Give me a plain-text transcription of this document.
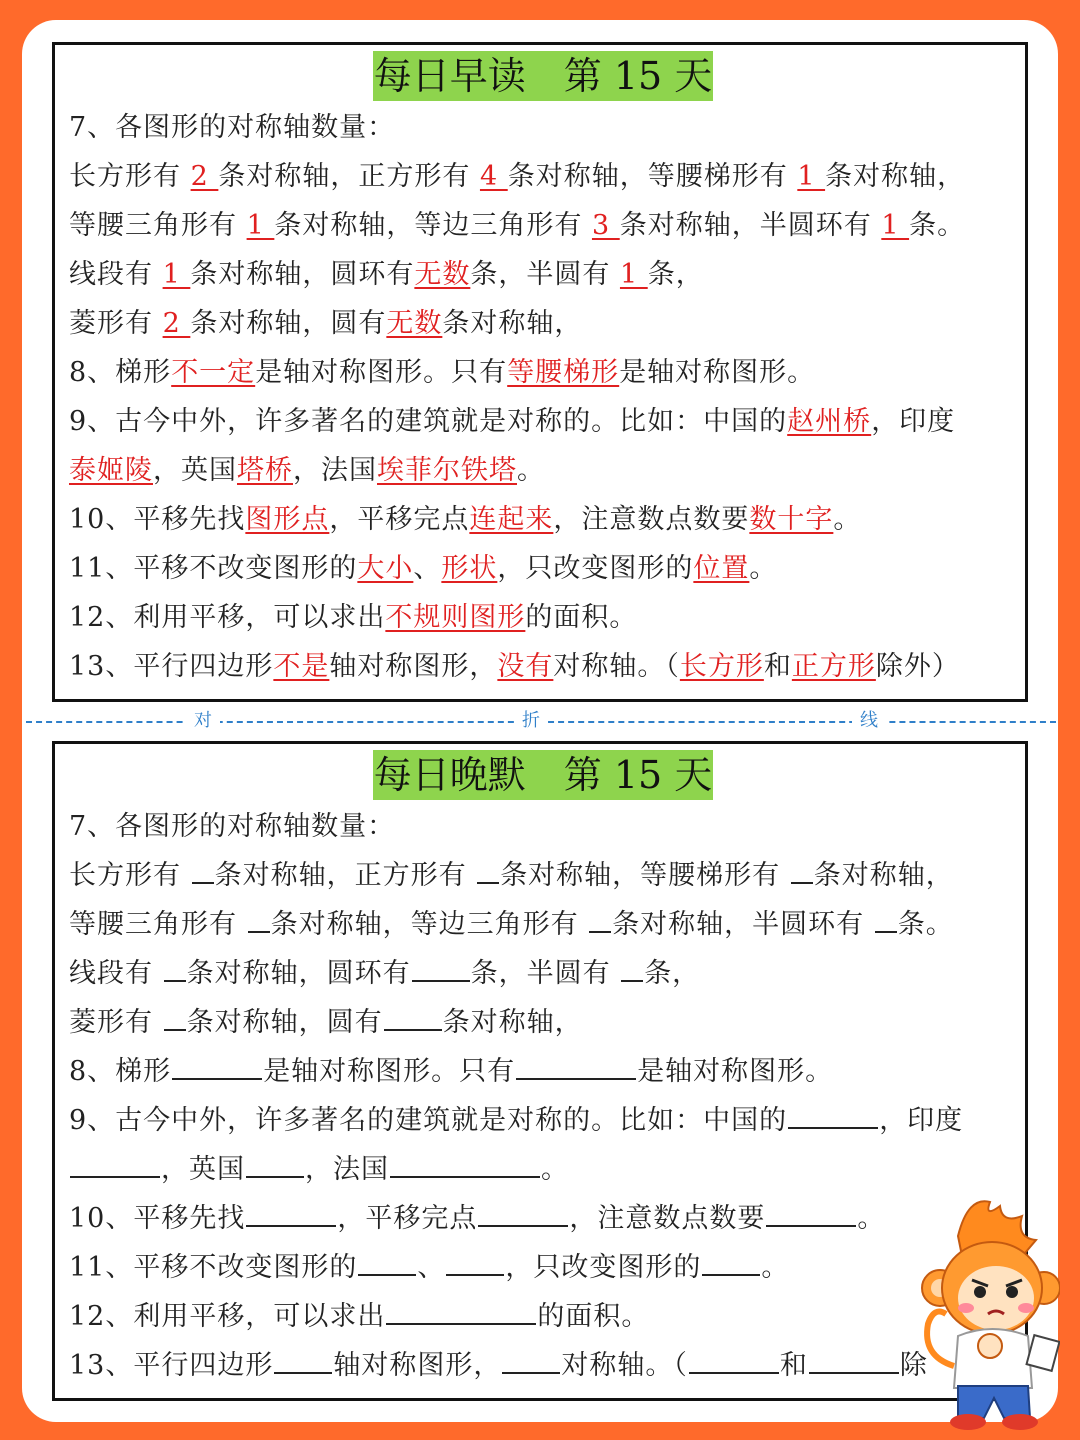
每日早读　第 15 天
7、各图形的对称轴数量：
长方形有 2 条对称轴，正方形有 4 条对称轴，等腰梯形有 1 条对称轴，
等腰三角形有 1 条对称轴，等边三角形有 3 条对称轴，半圆环有 1 条。
线段有 1 条对称轴，圆环有无数条，半圆有 1 条，
菱形有 2 条对称轴，圆有无数条对称轴，
8、梯形不一定是轴对称图形。只有等腰梯形是轴对称图形。
9、古今中外，许多著名的建筑就是对称的。比如：中国的赵州桥，印度
泰姬陵，英国塔桥，法国埃菲尔铁塔。
10、平移先找图形点，平移完点连起来，注意数点数要数十字。
11、平移不改变图形的大小、形状，只改变图形的位置。
12、利用平移，可以求出不规则图形的面积。
13、平行四边形不是轴对称图形，没有对称轴。（长方形和正方形除外）
对	折	线
每日晚默　第 15 天
7、各图形的对称轴数量：
长方形有 条对称轴，正方形有 条对称轴，等腰梯形有 条对称轴，
等腰三角形有 条对称轴，等边三角形有 条对称轴，半圆环有 条。
线段有 条对称轴，圆环有 条，半圆有 条，
菱形有 条对称轴，圆有 条对称轴，
8、梯形	是轴对称图形。只有	是轴对称图形。
9、古今中外，许多著名的建筑就是对称的。比如：中国的	，印度
，英国 ，法国	。
10、平移先找	，平移完点	，注意数点数要	。
11、平移不改变图形的 、 ，只改变图形的 。
12、利用平移，可以求出	的面积。
13、平行四边形 轴对称图形， 对称轴。（	和	除
